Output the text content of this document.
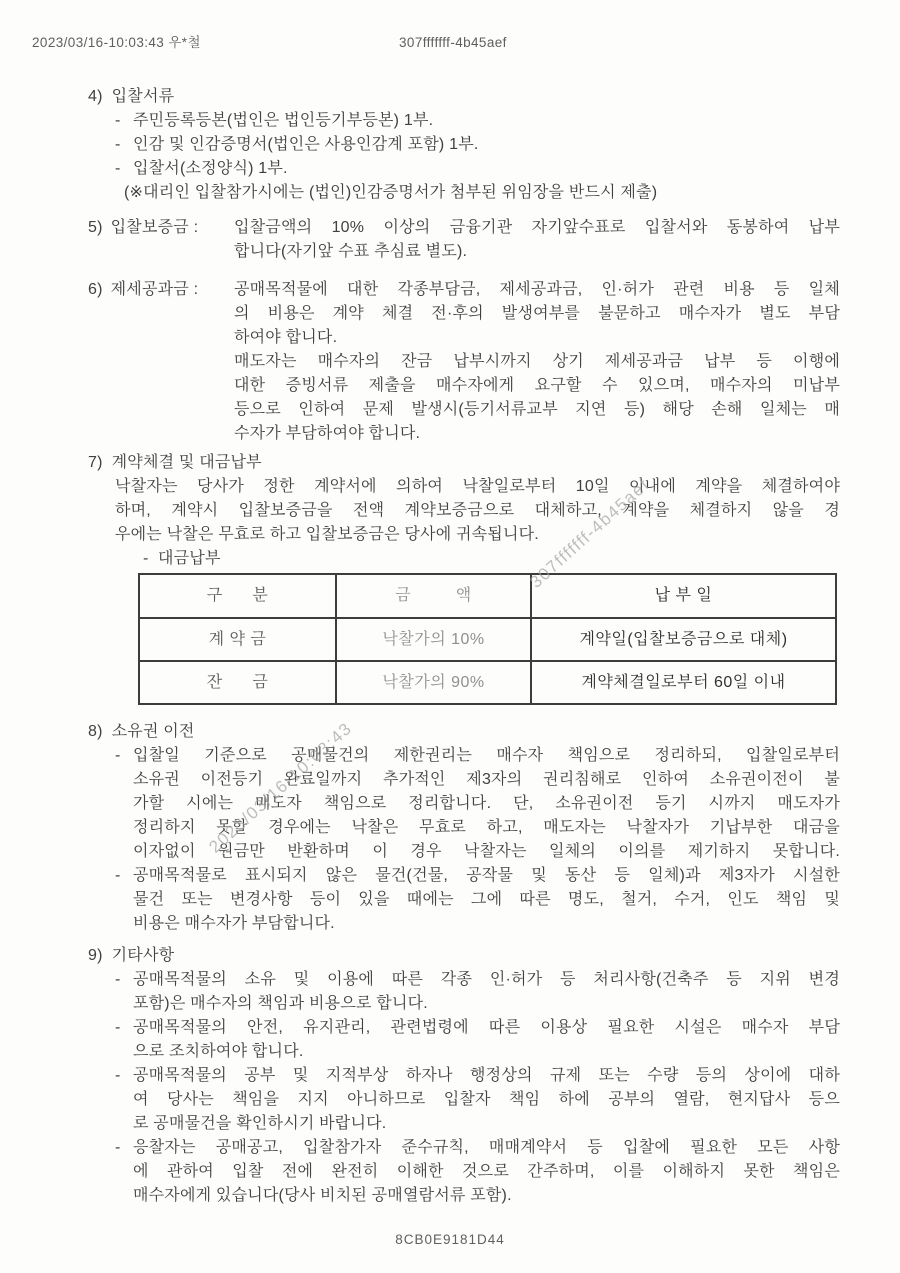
2023/03/16-10:03:43 우*철	307fffffff-4b45aef
307fffffff-4b45aef
2023/03/16-10:03:43
4) 입찰서류
- 주민등록등본(법인은 법인등기부등본) 1부.
- 인감 및 인감증명서(법인은 사용인감계 포함) 1부.
- 입찰서(소정양식) 1부.
(※대리인 입찰참가시에는 (법인)인감증명서가 첨부된 위임장을 반드시 제출)
5) 입찰보증금 :	입찰금액의 10% 이상의 금융기관 자기앞수표로 입찰서와 동봉하여 납부
합니다(자기앞 수표 추심료 별도).
6) 제세공과금 :	공매목적물에 대한 각종부담금, 제세공과금, 인·허가 관련 비용 등 일체
의 비용은 계약 체결 전·후의 발생여부를 불문하고 매수자가 별도 부담
하여야 합니다.
매도자는 매수자의 잔금 납부시까지 상기 제세공과금 납부 등 이행에
대한 증빙서류 제출을 매수자에게 요구할 수 있으며, 매수자의 미납부
등으로 인하여 문제 발생시(등기서류교부 지연 등) 해당 손해 일체는 매
수자가 부담하여야 합니다.
7) 계약체결 및 대금납부
낙찰자는 당사가 정한 계약서에 의하여 낙찰일로부터 10일 이내에 계약을 체결하여야
하며, 계약시 입찰보증금을 전액 계약보증금으로 대체하고, 계약을 체결하지 않을 경
우에는 낙찰은 무효로 하고 입찰보증금은 당사에 귀속됩니다.
- 대금납부
구      분	금         액	납 부 일
계 약 금	낙찰가의 10%	계약일(입찰보증금으로 대체)
잔      금	낙찰가의 90%	계약체결일로부터 60일 이내
8) 소유권 이전
- 입찰일 기준으로 공매물건의 제한권리는 매수자 책임으로 정리하되, 입찰일로부터
소유권 이전등기 완료일까지 추가적인 제3자의 권리침해로 인하여 소유권이전이 불
가할 시에는 매도자 책임으로 정리합니다. 단, 소유권이전 등기 시까지 매도자가
정리하지 못할 경우에는 낙찰은 무효로 하고, 매도자는 낙찰자가 기납부한 대금을
이자없이 원금만 반환하며 이 경우 낙찰자는 일체의 이의를 제기하지 못합니다.
- 공매목적물로 표시되지 않은 물건(건물, 공작물 및 동산 등 일체)과 제3자가 시설한
물건 또는 변경사항 등이 있을 때에는 그에 따른 명도, 철거, 수거, 인도 책임 및
비용은 매수자가 부담합니다.
9) 기타사항
- 공매목적물의 소유 및 이용에 따른 각종 인·허가 등 처리사항(건축주 등 지위 변경
포함)은 매수자의 책임과 비용으로 합니다.
- 공매목적물의 안전, 유지관리, 관련법령에 따른 이용상 필요한 시설은 매수자 부담
으로 조치하여야 합니다.
- 공매목적물의 공부 및 지적부상 하자나 행정상의 규제 또는 수량 등의 상이에 대하
여 당사는 책임을 지지 아니하므로 입찰자 책임 하에 공부의 열람, 현지답사 등으
로 공매물건을 확인하시기 바랍니다.
- 응찰자는 공매공고, 입찰참가자 준수규칙, 매매계약서 등 입찰에 필요한 모든 사항
에 관하여 입찰 전에 완전히 이해한 것으로 간주하며, 이를 이해하지 못한 책임은
매수자에게 있습니다(당사 비치된 공매열람서류 포함).
8CB0E9181D44
